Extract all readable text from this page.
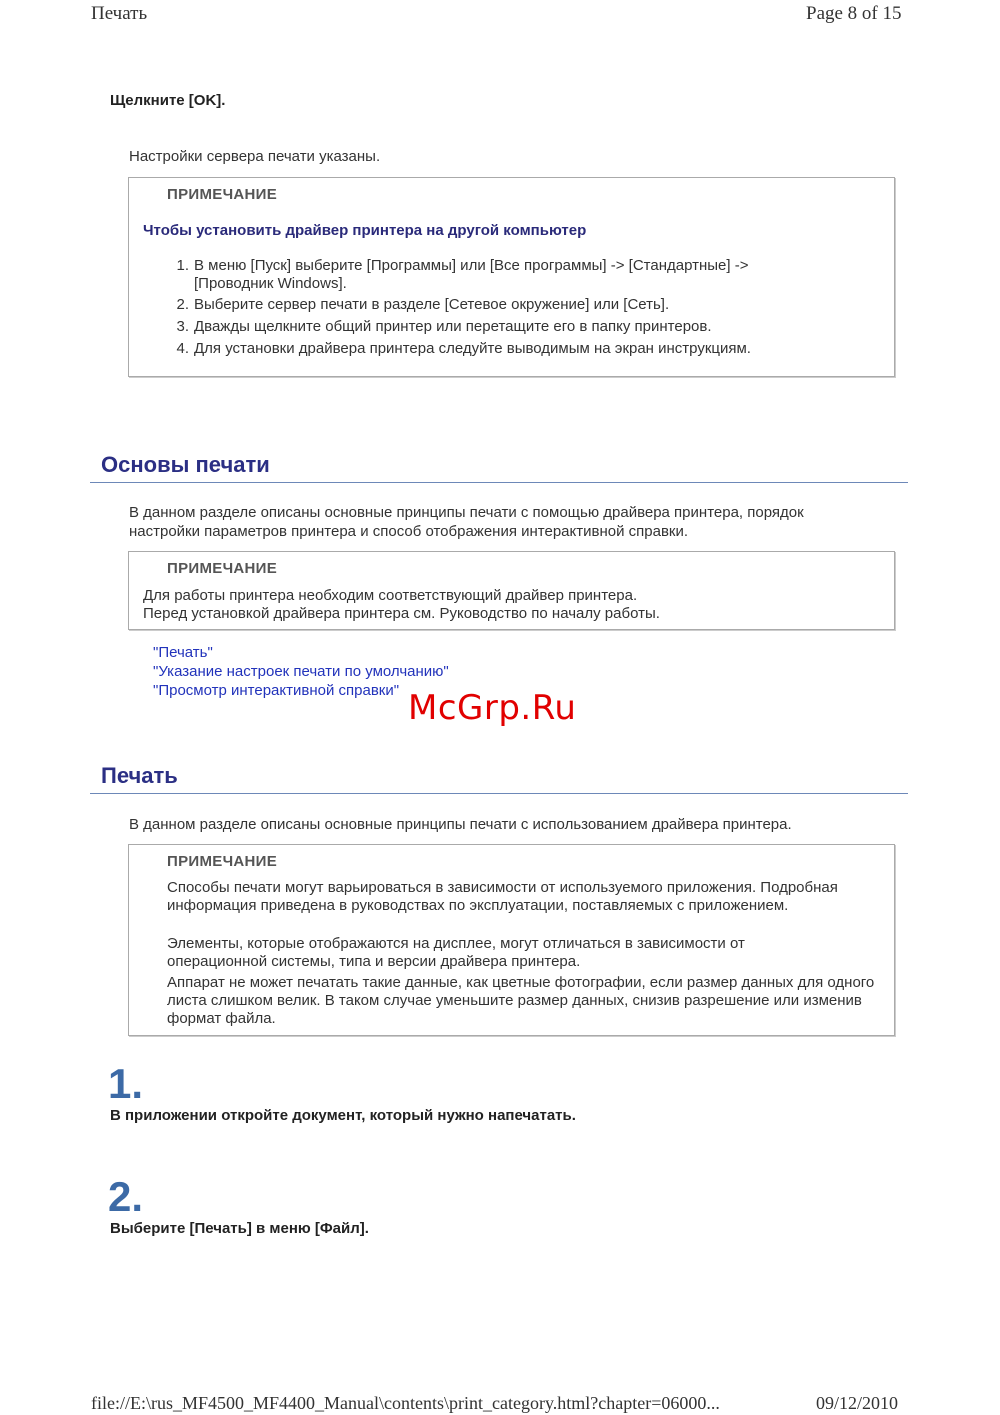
Печать	Page 8 of 15
Щелкните [OK].
Настройки сервера печати указаны.
ПРИМЕЧАНИЕ
Чтобы установить драйвер принтера на другой компьютер
1. В меню [Пуск] выберите [Программы] или [Все программы] -> [Стандартные] -> [Проводник Windows].
2. Выберите сервер печати в разделе [Сетевое окружение] или [Сеть].
3. Дважды щелкните общий принтер или перетащите его в папку принтеров.
4. Для установки драйвера принтера следуйте выводимым на экран инструкциям.
Основы печати
В данном разделе описаны основные принципы печати с помощью драйвера принтера, порядок настройки параметров принтера и способ отображения интерактивной справки.
ПРИМЕЧАНИЕ
Для работы принтера необходим соответствующий драйвер принтера.
Перед установкой драйвера принтера см. Руководство по началу работы.
"Печать"
"Указание настроек печати по умолчанию"
"Просмотр интерактивной справки" McGrp.Ru
Печать
В данном разделе описаны основные принципы печати с использованием драйвера принтера.
ПРИМЕЧАНИЕ
Способы печати могут варьироваться в зависимости от используемого приложения. Подробная информация приведена в руководствах по эксплуатации, поставляемых с приложением.
Элементы, которые отображаются на дисплее, могут отличаться в зависимости от операционной системы, типа и версии драйвера принтера.
Аппарат не может печатать такие данные, как цветные фотографии, если размер данных для одного листа слишком велик. В таком случае уменьшите размер данных, снизив разрешение или изменив формат файла.
1.
В приложении откройте документ, который нужно напечатать.
2.
Выберите [Печать] в меню [Файл].
file://E:\rus_MF4500_MF4400_Manual\contents\print_category.html?chapter=06000...	09/12/2010
